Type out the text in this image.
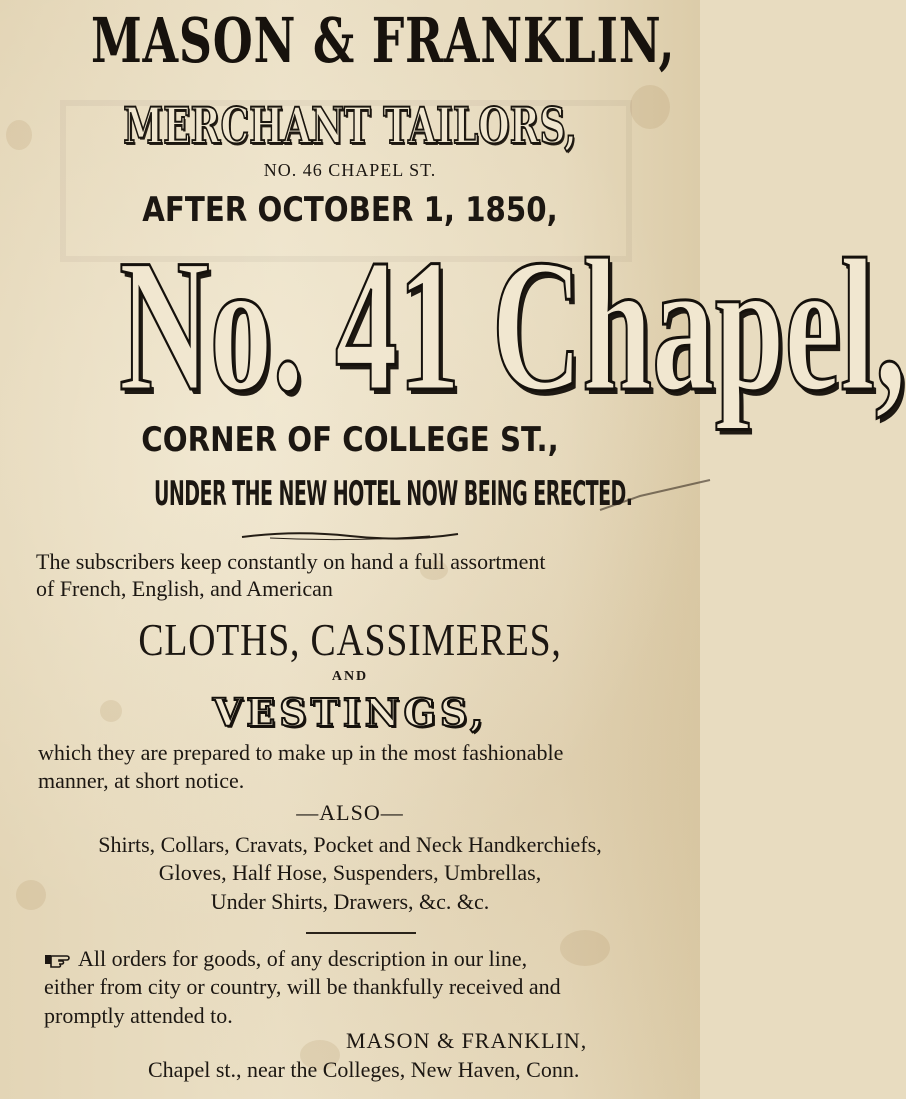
MASON & FRANKLIN,
MERCHANT TAILORS,
NO. 46 CHAPEL ST.
AFTER OCTOBER 1, 1850,
No. 41 Chapel,
CORNER OF COLLEGE ST.,
UNDER THE NEW HOTEL NOW BEING ERECTED.
The subscribers keep constantly on hand a full assortment
of French, English, and American
CLOTHS, CASSIMERES,
AND
VESTINGS,
which they are prepared to make up in the most fashionable
manner, at short notice.
—ALSO—
Shirts, Collars, Cravats, Pocket and Neck Handkerchiefs,
Gloves, Half Hose, Suspenders, Umbrellas,
Under Shirts, Drawers, &c. &c.
All orders for goods, of any description in our line,
either from city or country, will be thankfully received and
promptly attended to.
MASON & FRANKLIN,
Chapel st., near the Colleges, New Haven, Conn.
